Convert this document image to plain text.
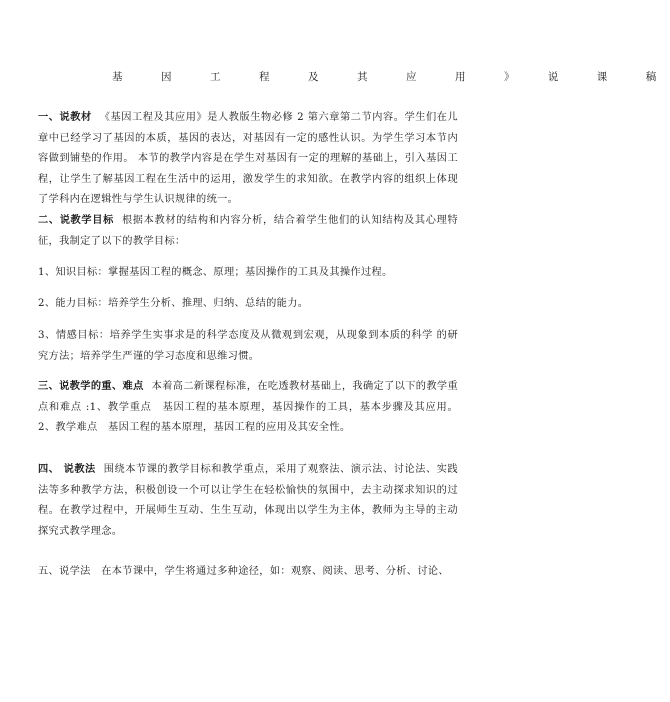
基　因　工　程　及　其　应　用　》　说　课　稿
一、说教材 《基因工程及其应用》是人教版生物必修 2 第六章第二节内容。学生们在儿章中已经学习了基因的本质，基因的表达，对基因有一定的感性认识。为学生学习本节内容做到铺垫的作用。 本节的教学内容是在学生对基因有一定的理解的基础上，引入基因工程，让学生了解基因工程在生活中的运用，激发学生的求知欲。在教学内容的组织上体现了学科内在逻辑性与学生认识规律的统一。
二、说教学目标 根据本教材的结构和内容分析，结合着学生他们的认知结构及其心理特征，我制定了以下的教学目标：
1、知识目标：掌握基因工程的概念、原理；基因操作的工具及其操作过程。
2、能力目标：培养学生分析、推理、归纳、总结的能力。
3、情感目标：培养学生实事求是的科学态度及从微观到宏观，从现象到本质的科学 的研究方法；培养学生严谨的学习态度和思维习惯。
三、说教学的重、难点 本着高二新课程标准，在吃透教材基础上，我确定了以下的教学重点和难点 :1、教学重点　基因工程的基本原理，基因操作的工具，基本步骤及其应用。 2、教学难点　基因工程的基本原理，基因工程的应用及其安全性。
四、 说教法 围绕本节课的教学目标和教学重点，采用了观察法、演示法、讨论法、实践法等多种教学方法，积极创设一个可以让学生在轻松愉快的氛围中，去主动探求知识的过程。在教学过程中，开展师生互动、生生互动，体现出以学生为主体，教师为主导的主动探究式教学理念。
五、说学法　在本节课中，学生将通过多种途径，如：观察、阅读、思考、分析、讨论、
